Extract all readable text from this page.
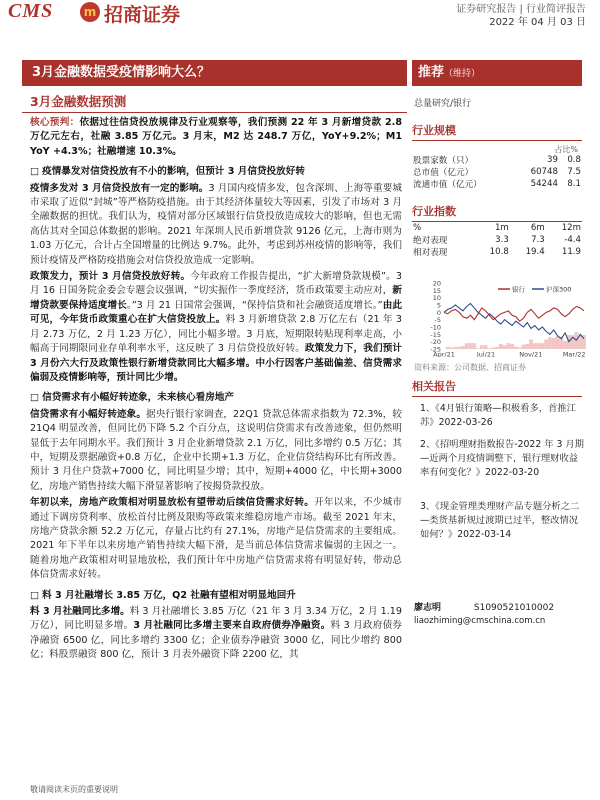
CMS	m 招商证券	证券研究报告 | 行业简评报告
2022 年 04 月 03 日
3月金融数据受疫情影响大么？	推荐（维持）
3月金融数据预测	总量研究/银行

核心预判：依据过往信贷投放规律及行业观察等，我们预测 22 年 3 月新增贷款 2.8 万亿元左右，社融 3.85 万亿元。3 月末，M2 达 248.7 万亿，YoY+9.2%；M1 YoY +4.3%；社融增速 10.3%。

□ 疫情暴发对信贷投放有不小的影响，但预计 3 月信贷投放好转

疫情多发对 3 月信贷投放有一定的影响。3 月国内疫情多发，包含深圳、上海等重要城市采取了近似“封城”等严格防疫措施。由于其经济体量较大等因素，引发了市场对 3 月全融数据的担忧。我们认为，疫情对部分区域银行信贷投放造成较大的影响，但也无需高估其对全国总体数据的影响。2021 年深圳人民币新增贷款 9126 亿元，上海市则为 1.03 万亿元，合计占全国增量的比例达 9.7%。此外，考虑到苏州疫情的影响等，我们预计疫情及严格防疫措施会对信贷投放造成一定影响。

政策发力，预计 3 月信贷投放好转。今年政府工作报告提出，“扩大新增贷款规模”。3 月 16 日国务院金委会专题会议强调，“切实振作一季度经济，货币政策要主动应对，新增贷款要保持适度增长。”3 月 21 日国常会强调，“保持信贷和社会融资适度增长。”由此可见，今年货币政策重心在扩大信贷投放上。料 3 月新增贷款 2.8 万亿左右（21 年 3 月 2.73 万亿，2 月 1.23 万亿），同比小幅多增。3 月底，短期限转贴现利率走高，小幅高于同期限同业存单利率水平，这反映了 3 月信贷投放好转。政策发力下，我们预计 3 月份六大行及政策性银行新增贷款同比大幅多增。中小行因客户基础偏差、信贷需求偏弱及疫情影响等，预计同比少增。

□ 信贷需求有小幅好转迹象，未来核心看房地产

信贷需求有小幅好转迹象。据央行银行家调查，22Q1 贷款总体需求指数为 72.3%，较 21Q4 明显改善，但同比仍下降 5.2 个百分点，这说明信贷需求有改善迹象，但仍然明显低于去年同期水平。我们预计 3 月企业新增贷款 2.1 万亿，同比多增约 0.5 万亿；其中，短期及票据融资+0.8 万亿，企业中长期+1.3 万亿，企业信贷结构环比有所改善。预计 3 月住户贷款+7000 亿，同比明显少增；其中，短期+4000 亿，中长期+3000 亿，房地产销售持续大幅下滑显著影响了按揭贷款投放。

年初以来，房地产政策相对明显放松有望带动后续信贷需求好转。开年以来，不少城市通过下调房贷利率、放松首付比例及限购等政策来维稳房地产市场。截至 2021 年末，房地产贷款余额 52.2 万亿元，存量占比约有 27.1%，房地产是信贷需求的主要组成。2021 年下半年以来房地产销售持续大幅下滑，是当前总体信贷需求偏弱的主因之一。随着房地产政策相对明显地放松，我们预计年中房地产信贷需求将有明显好转，带动总体信贷需求好转。

□ 料 3 月社融增长 3.85 万亿，Q2 社融有望相对明显地回升

料 3 月社融同比多增。料 3 月社融增长 3.85 万亿（21 年 3 月 3.34 万亿，2 月 1.19 万亿），同比明显多增。3 月社融同比多增主要来自政府债券净融资。料 3 月政府债券净融资 6500 亿，同比多增约 3300 亿；企业债券净融资 3000 亿，同比少增约 800 亿；料股票融资 800 亿，预计 3 月表外融资下降 2200 亿，其

行业规模
占比%
股票家数（只）	39	0.8
总市值（亿元）	60748	7.5
流通市值（亿元）	54244	8.1
行业指数
%	1m	6m	12m
绝对表现	3.3	7.3	-4.4
相对表现	10.8	19.4	11.9
20
15
10
5
0
-5
-10
-15
-20
-25
银行	沪深300
Apr/21	Jul/21	Nov/21	Mar/22
资料来源：公司数据、招商证券
相关报告
1、《4月银行策略—积极看多，首推江苏》2022-03-26
2、《招明理财指数报告-2022 年 3 月期—近两个月疫情调整下，银行理财收益率有何变化？》2022-03-20
3、《现金管理类理财产品专题分析之二—类货基新规过渡期已过半，整改情况如何？》2022-03-14
廖志明	S1090521010002
liaozhiming@cmschina.com.cn
敬请阅读末页的重要说明
